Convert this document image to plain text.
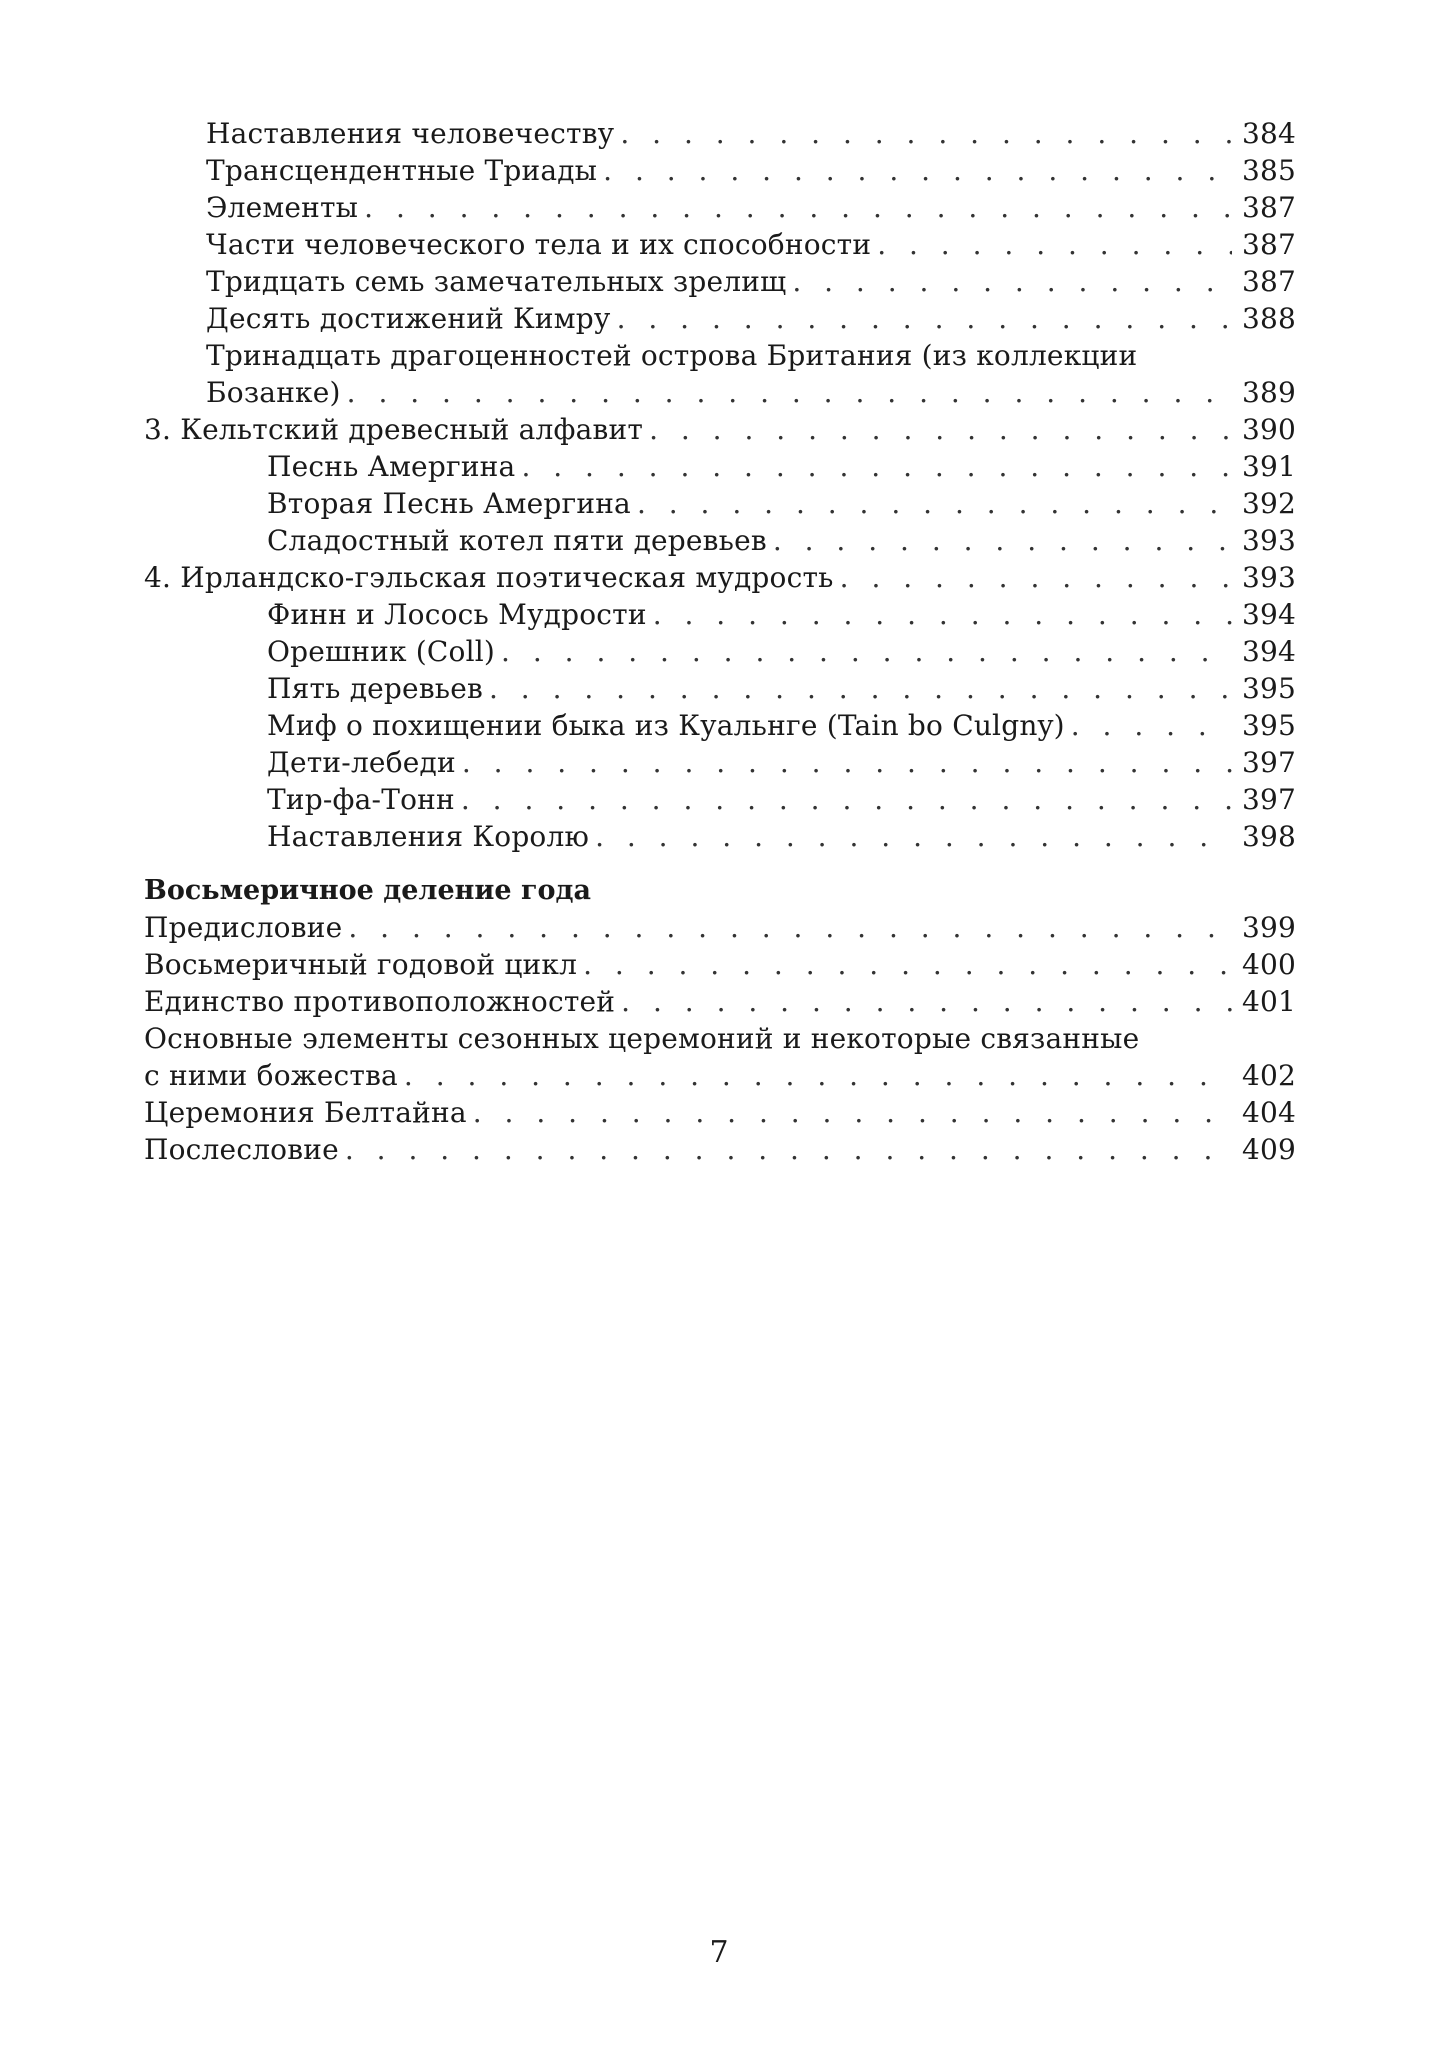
Наставления человечеству . . .	384
Трансцендентные Триады . . .	385
Элементы . . .	387
Части человеческого тела и их способности . . .	387
Тридцать семь замечательных зрелищ . . .	387
Десять достижений Кимру . . .	388
Тринадцать драгоценностей острова Британия (из коллекции
Бозанке) . . .	389
3. Кельтский древесный алфавит . . .	390
Песнь Амергина . . .	391
Вторая Песнь Амергина . . .	392
Сладостный котел пяти деревьев . . .	393
4. Ирландско-гэльская поэтическая мудрость . . .	393
Финн и Лосось Мудрости . . .	394
Орешник (Coll) . . .	394
Пять деревьев . . .	395
Миф о похищении быка из Куальнге (Tain bo Culgny) . . .	395
Дети-лебеди . . .	397
Тир-фа-Тонн . . .	397
Наставления Королю . . .	398
Восьмеричное деление года
Предисловие . . .	399
Восьмеричный годовой цикл . . .	400
Единство противоположностей . . .	401
Основные элементы сезонных церемоний и некоторые связанные
с ними божества . . .	402
Церемония Белтайна . . .	404
Послесловие . . .	409
7
